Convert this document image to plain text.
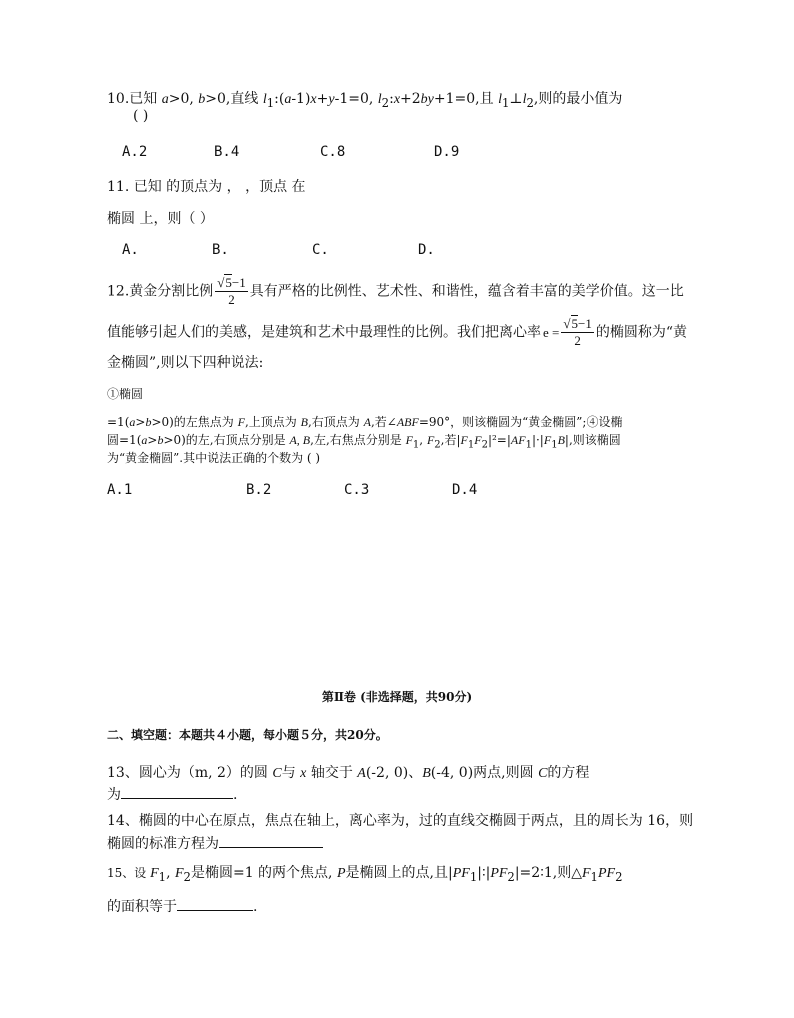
10.已知 a>0, b>0,直线 $l_1:(a-1)x+y-1=0$, $l_2:x+2by+1=0$,且 $l_1\perp l_2$,则的最小值为
( )
A.2	B.4	C.8	D.9
11. 已知 的顶点为 ， ，顶点 在
椭圆 上，则（ ）
A.	B.	C.	D.
12.黄金分割比例 $\frac{√5-1}{2}$ 具有严格的比例性、艺术性、和谐性，蕴含着丰富的美学价值。这一比
值能够引起人们的美感，是建筑和艺术中最理性的比例。我们把离心率 $e = \frac{√5-1}{2}$ 的椭圆称为“黄
金椭圆”,则以下四种说法:
①椭圆
=1(a>b>0)的左焦点为 F,上顶点为 B,右顶点为 A,若∠ABF=90°，则该椭圆为“黄金椭圆”;④设椭
圆=1(a>b>0)的左,右顶点分别是 A, B,左,右焦点分别是 $F_1$, $F_2$,若$|F_1F_2|^2=|AF_1|\cdot|F_1B|$,则该椭圆
为“黄金椭圆”.其中说法正确的个数为 ( )
A.1	B.2	C.3	D.4
第Ⅱ卷 (非选择题，共90分)
二、填空题：本题共４小题，每小题５分，共20分。
13、圆心为（m, 2）的圆 C与 x 轴交于 A(-2, 0)、B(-4, 0)两点,则圆 C的方程
为	.
14、椭圆的中心在原点，焦点在轴上，离心率为，过的直线交椭圆于两点，且的周长为 16，则
椭圆的标准方程为
15、设 $F_1$, $F_2$是椭圆=1 的两个焦点, P是椭圆上的点,且$|PF_1|∶|PF_2|=2∶1$,则$\triangle F_1PF_2$
的面积等于	.
